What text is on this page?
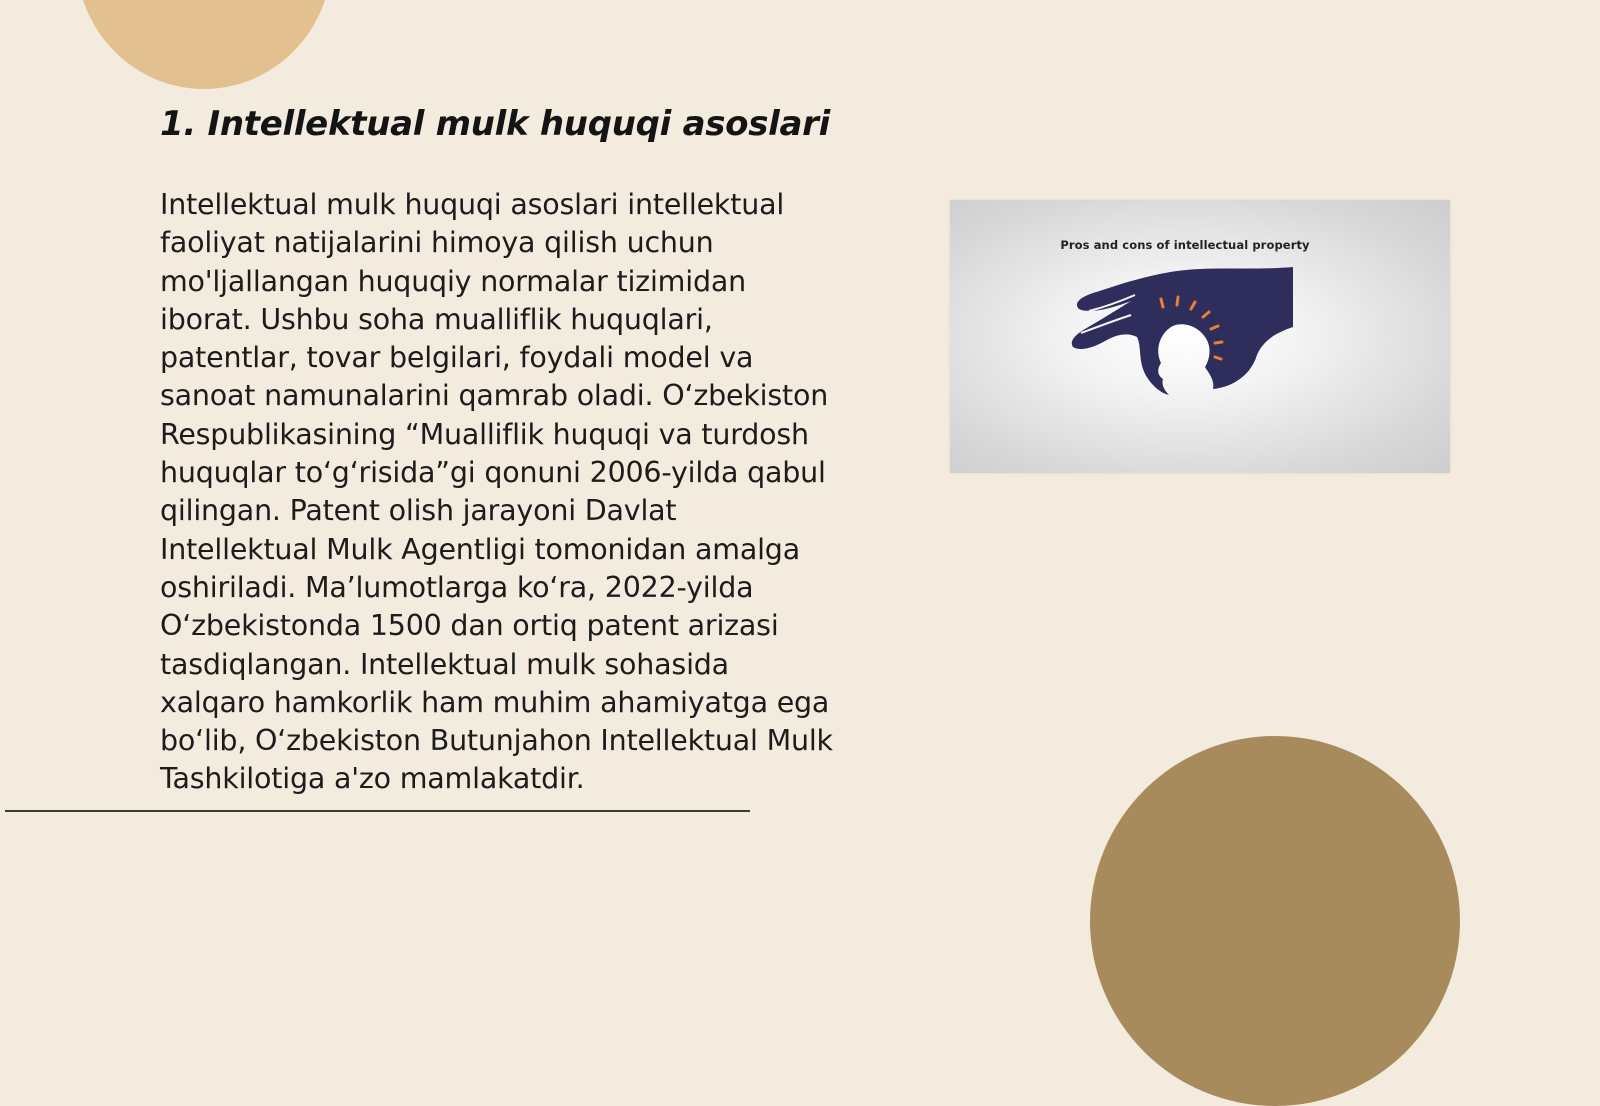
1. Intellektual mulk huquqi asoslari

Intellektual mulk huquqi asoslari intellektual faoliyat natijalarini himoya qilish uchun mo'ljallangan huquqiy normalar tizimidan iborat. Ushbu soha mualliflik huquqlari, patentlar, tovar belgilari, foydali model va sanoat namunalarini qamrab oladi. O‘zbekiston Respublikasining “Mualliflik huquqi va turdosh huquqlar to‘g‘risida”gi qonuni 2006-yilda qabul qilingan. Patent olish jarayoni Davlat Intellektual Mulk Agentligi tomonidan amalga oshiriladi. Ma’lumotlarga ko‘ra, 2022-yilda O‘zbekistonda 1500 dan ortiq patent arizasi tasdiqlangan. Intellektual mulk sohasida xalqaro hamkorlik ham muhim ahamiyatga ega bo‘lib, O‘zbekiston Butunjahon Intellektual Mulk Tashkilotiga a'zo mamlakatdir.

Pros and cons of intellectual property
